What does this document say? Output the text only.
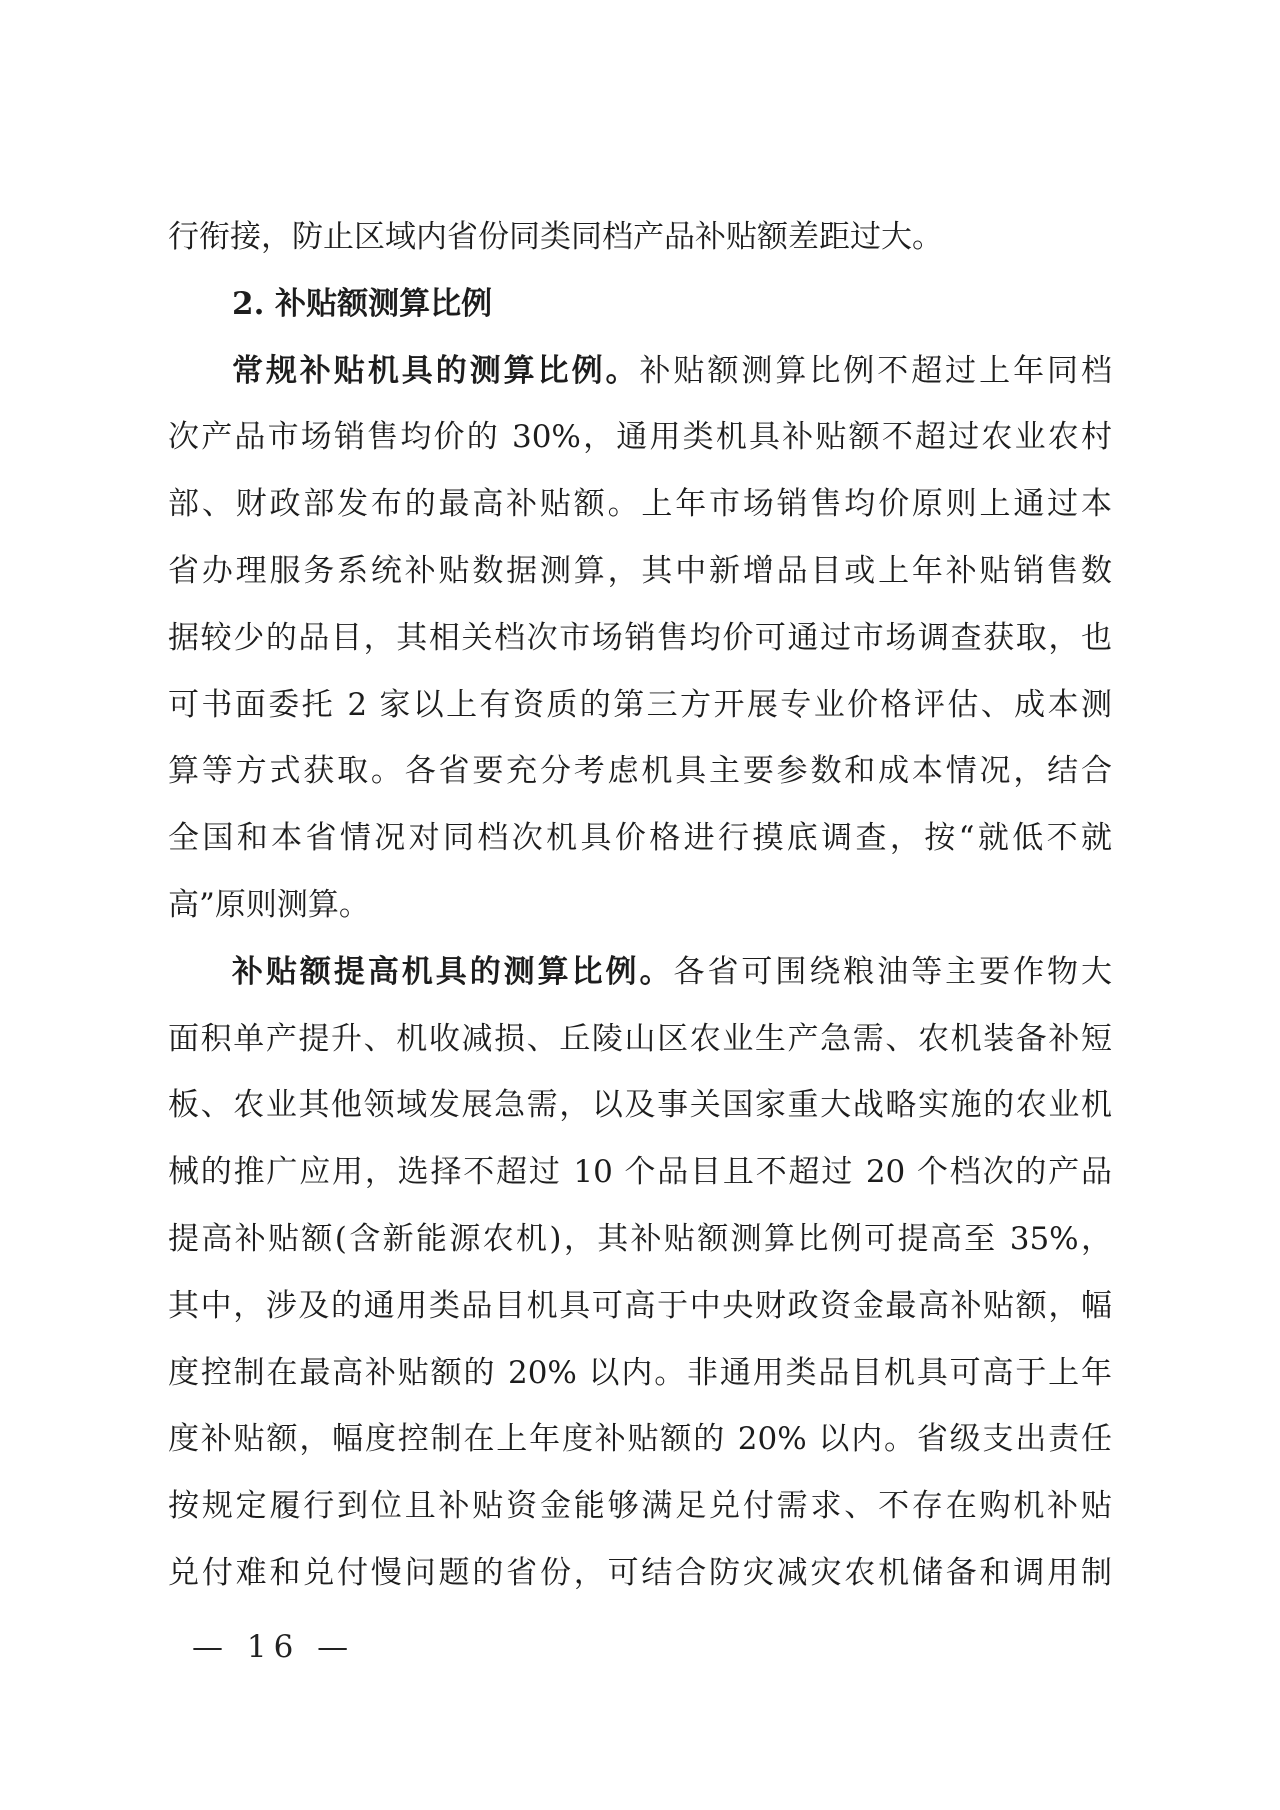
行衔接，防止区域内省份同类同档产品补贴额差距过大。
2. 补贴额测算比例
常规补贴机具的测算比例。补贴额测算比例不超过上年同档
次产品市场销售均价的 30%，通用类机具补贴额不超过农业农村
部、财政部发布的最高补贴额。上年市场销售均价原则上通过本
省办理服务系统补贴数据测算，其中新增品目或上年补贴销售数
据较少的品目，其相关档次市场销售均价可通过市场调查获取，也
可书面委托 2 家以上有资质的第三方开展专业价格评估、成本测
算等方式获取。各省要充分考虑机具主要参数和成本情况，结合
全国和本省情况对同档次机具价格进行摸底调查，按“就低不就
高”原则测算。
补贴额提高机具的测算比例。各省可围绕粮油等主要作物大
面积单产提升、机收减损、丘陵山区农业生产急需、农机装备补短
板、农业其他领域发展急需，以及事关国家重大战略实施的农业机
械的推广应用，选择不超过 10 个品目且不超过 20 个档次的产品
提高补贴额(含新能源农机)，其补贴额测算比例可提高至 35%，
其中，涉及的通用类品目机具可高于中央财政资金最高补贴额，幅
度控制在最高补贴额的 20% 以内。非通用类品目机具可高于上年
度补贴额，幅度控制在上年度补贴额的 20% 以内。省级支出责任
按规定履行到位且补贴资金能够满足兑付需求、不存在购机补贴
兑付难和兑付慢问题的省份，可结合防灾减灾农机储备和调用制
— 16 —
